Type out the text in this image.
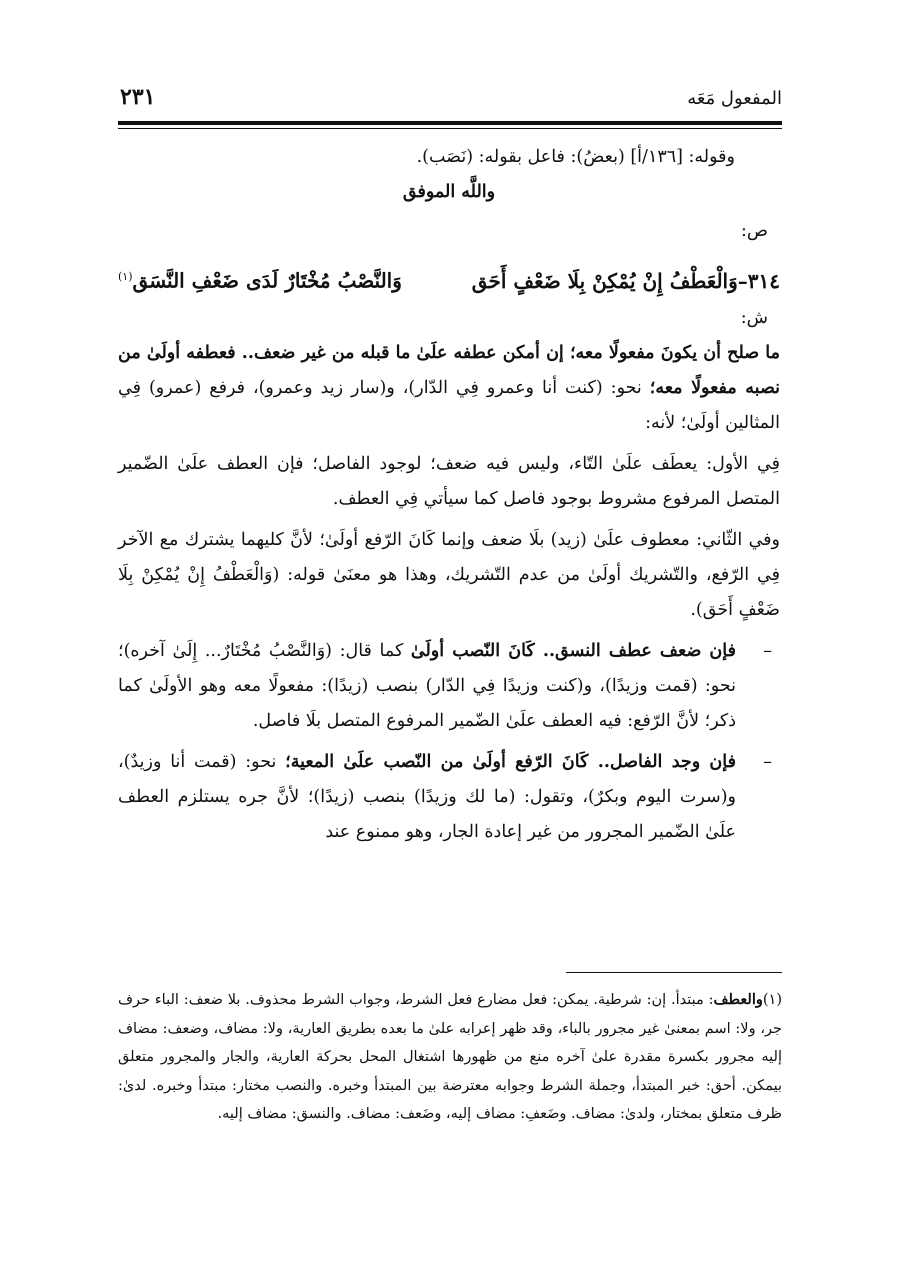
المفعول مَعَه
٢٣١

وقوله: [١٣٦/أ] (بعضُ): فاعل بقوله: (نَصَب).

واللَّه الموفق

ص:

٣١٤–وَالْعَطْفُ إِنْ يُمْكِنْ بِلَا ضَعْفٍ أَحَق
وَالنَّصْبُ مُخْتَارٌ لَدَى ضَعْفِ النَّسَق$^{(١)}$

ش:

ما صلح أن يكونَ مفعولًا معه؛ إن أمكن عطفه علَىٰ ما قبله من غير ضعف.. فعطفه أولَىٰ من نصبه مفعولًا معه؛ نحو: (كنت أنا وعمرو فِي الدّار)، و(سار زيد وعمرو)، فرفع (عمرو) فِي المثالين أولَىٰ؛ لأنه:

فِي الأول: يعطَف علَىٰ التّاء، وليس فيه ضعف؛ لوجود الفاصل؛ فإن العطف علَىٰ الضّمير المتصل المرفوع مشروط بوجود فاصل كما سيأتي فِي العطف.

وفي الثّاني: معطوف علَىٰ (زيد) بلَا ضعف وإنما كَانَ الرّفع أولَىٰ؛ لأنَّ كليهما يشترك مع الآخر فِي الرّفع، والتّشريك أولَىٰ من عدم التّشريك، وهذا هو معنَىٰ قوله: (وَالْعَطْفُ إِنْ يُمْكِنْ بِلَا ضَعْفٍ أَحَق).

–
فإن ضعف عطف النسق.. كَانَ النّصب أولَىٰ كما قال: (وَالنَّصْبُ مُخْتَارٌ... إِلَىٰ آخره)؛ نحو: (قمت وزيدًا)، و(كنت وزيدًا فِي الدّار) بنصب (زيدًا): مفعولًا معه وهو الأولَىٰ كما ذكر؛ لأنَّ الرّفع: فيه العطف علَىٰ الضّمير المرفوع المتصل بلَا فاصل.

–
فإن وجد الفاصل.. كَانَ الرّفع أولَىٰ من النّصب علَىٰ المعية؛ نحو: (قمت أنا وزيدٌ)، و(سرت اليوم وبكرٌ)، وتقول: (ما لك وزيدًا) بنصب (زيدًا)؛ لأنَّ جره يستلزم العطف علَىٰ الضّمير المجرور من غير إعادة الجار، وهو ممنوع عند

(١)والعطف: مبتدأ. إن: شرطية. يمكن: فعل مضارع فعل الشرط، وجواب الشرط محذوف. بلا ضعف: الباء حرف جر، ولا: اسم بمعنىٰ غير مجرور بالباء، وقد ظهر إعرابه علىٰ ما بعده بطريق العارية، ولا: مضاف، وضعف: مضاف إليه مجرور بكسرة مقدرة علىٰ آخره منع من ظهورها اشتغال المحل بحركة العارية، والجار والمجرور متعلق بيمكن. أحق: خبر المبتدأ، وجملة الشرط وجوابه معترضة بين المبتدأ وخبره. والنصب مختار: مبتدأ وخبره. لدىٰ: ظرف متعلق بمختار، ولدىٰ: مضاف. وضَعفِ: مضاف إليه، وضَعف: مضاف. والنسق: مضاف إليه.
